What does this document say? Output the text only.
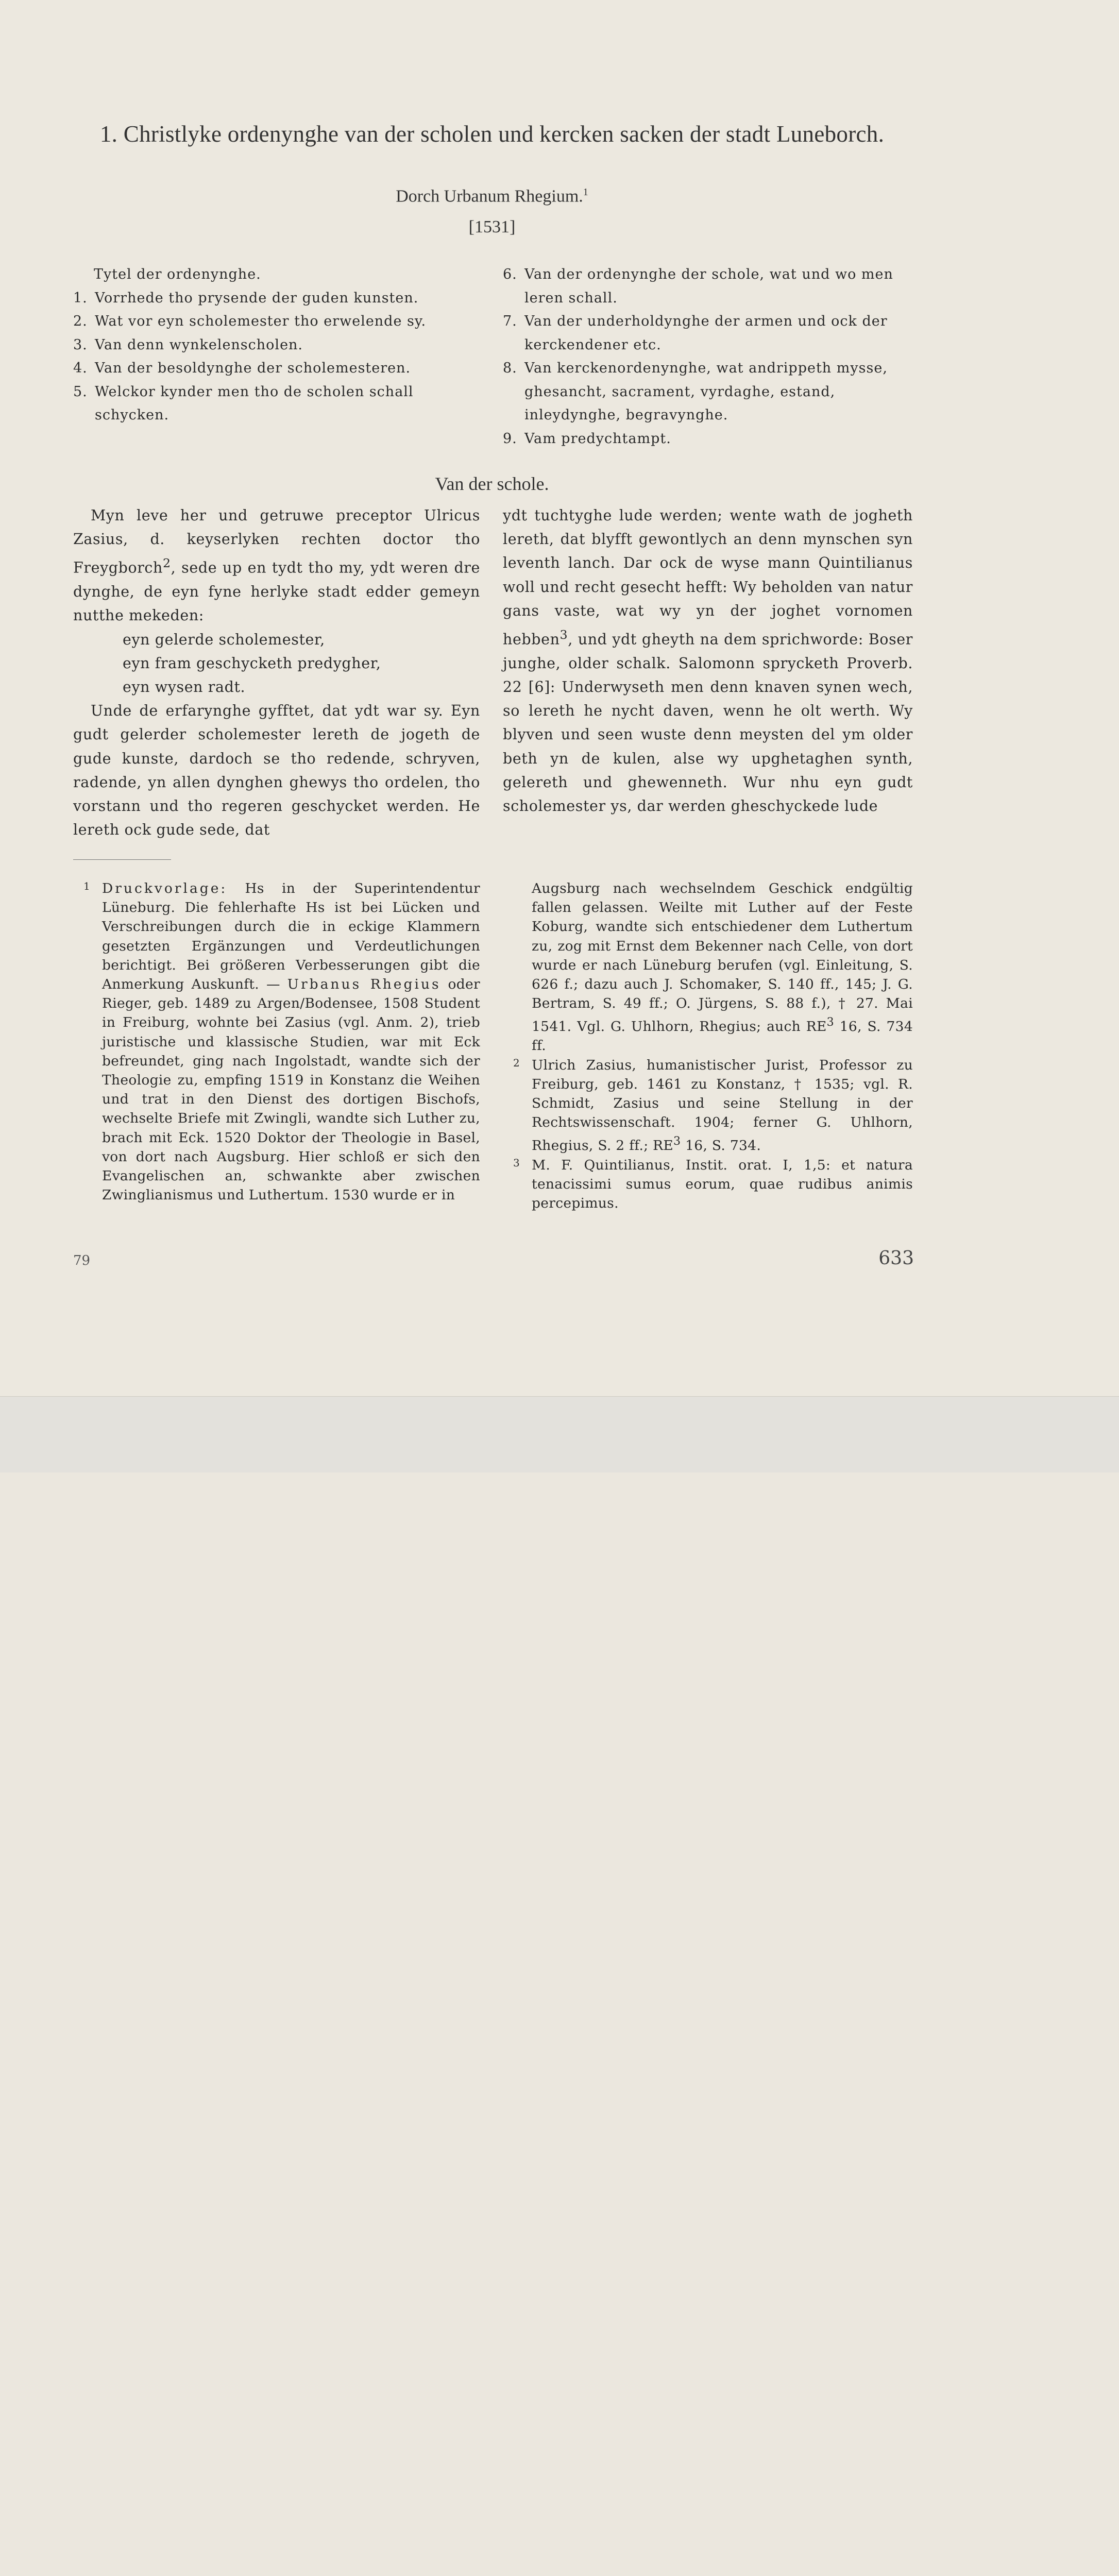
1. Christlyke ordenynghe van der scholen und kercken sacken der stadt Luneborch.
Dorch Urbanum Rhegium.$^1$
[1531]
Tytel der ordenynghe.
1. Vorrhede tho prysende der guden kunsten.
2. Wat vor eyn scholemester tho erwelende sy.
3. Van denn wynkelenscholen.
4. Van der besoldynghe der scholemesteren.
5. Welckor kynder men tho de scholen schall schycken.
6. Van der ordenynghe der schole, wat und wo men leren schall.
7. Van der underholdynghe der armen und ock der kerckendener etc.
8. Van kerckenordenynghe, wat andrippeth mysse, ghesancht, sacrament, vyrdaghe, estand, inleydynghe, begravynghe.
9. Vam predychtampt.
Van der schole.

Myn leve her und getruwe preceptor Ulricus Zasius, d. keyserlyken rechten doctor tho Freygborch$^2$, sede up en tydt tho my, ydt weren dre dynghe, de eyn fyne herlyke stadt edder gemeyn nutthe mekeden:

eyn gelerde scholemester,

eyn fram geschycketh predygher,

eyn wysen radt.

Unde de erfarynghe gyfftet, dat ydt war sy. Eyn gudt gelerder scholemester lereth de jogeth de gude kunste, dardoch se tho redende, schryven, radende, yn allen dynghen ghewys tho ordelen, tho vorstann und tho regeren geschycket werden. He lereth ock gude sede, dat

ydt tuchtyghe lude werden; wente wath de jogheth lereth, dat blyfft gewontlych an denn mynschen syn leventh lanch. Dar ock de wyse mann Quintilianus woll und recht gesecht hefft: Wy beholden van natur gans vaste, wat wy yn der joghet vornomen hebben$^3$, und ydt gheyth na dem sprichworde: Boser junghe, older schalk. Salomonn sprycketh Proverb. 22 [6]: Underwyseth men denn knaven synen wech, so lereth he nycht daven, wenn he olt werth. Wy blyven und seen wuste denn meysten del ym older beth yn de kulen, alse wy upghetaghen synth, gelereth und ghewenneth. Wur nhu eyn gudt scholemester ys, dar werden gheschyckede lude

1 Druckvorlage: Hs in der Superintendentur Lüneburg. Die fehlerhafte Hs ist bei Lücken und Verschreibungen durch die in eckige Klammern gesetzten Ergänzungen und Verdeutlichungen berichtigt. Bei größeren Verbesserungen gibt die Anmerkung Auskunft. — Urbanus Rhegius oder Rieger, geb. 1489 zu Argen/Bodensee, 1508 Student in Freiburg, wohnte bei Zasius (vgl. Anm. 2), trieb juristische und klassische Studien, war mit Eck befreundet, ging nach Ingolstadt, wandte sich der Theologie zu, empfing 1519 in Konstanz die Weihen und trat in den Dienst des dortigen Bischofs, wechselte Briefe mit Zwingli, wandte sich Luther zu, brach mit Eck. 1520 Doktor der Theologie in Basel, von dort nach Augsburg. Hier schloß er sich den Evangelischen an, schwankte aber zwischen Zwinglianismus und Luthertum. 1530 wurde er in
Augsburg nach wechselndem Geschick endgültig fallen gelassen. Weilte mit Luther auf der Feste Koburg, wandte sich entschiedener dem Luthertum zu, zog mit Ernst dem Bekenner nach Celle, von dort wurde er nach Lüneburg berufen (vgl. Einleitung, S. 626 f.; dazu auch J. Schomaker, S. 140 ff., 145; J. G. Bertram, S. 49 ff.; O. Jürgens, S. 88 f.), † 27. Mai 1541. Vgl. G. Uhlhorn, Rhegius; auch $RE^3$ 16, S. 734 ff.
2 Ulrich Zasius, humanistischer Jurist, Professor zu Freiburg, geb. 1461 zu Konstanz, † 1535; vgl. R. Schmidt, Zasius und seine Stellung in der Rechtswissenschaft. 1904; ferner G. Uhlhorn, Rhegius, S. 2 ff.; $RE^3$ 16, S. 734.
3 M. F. Quintilianus, Instit. orat. I, 1,5: et natura tenacissimi sumus eorum, quae rudibus animis percepimus.
79	633
